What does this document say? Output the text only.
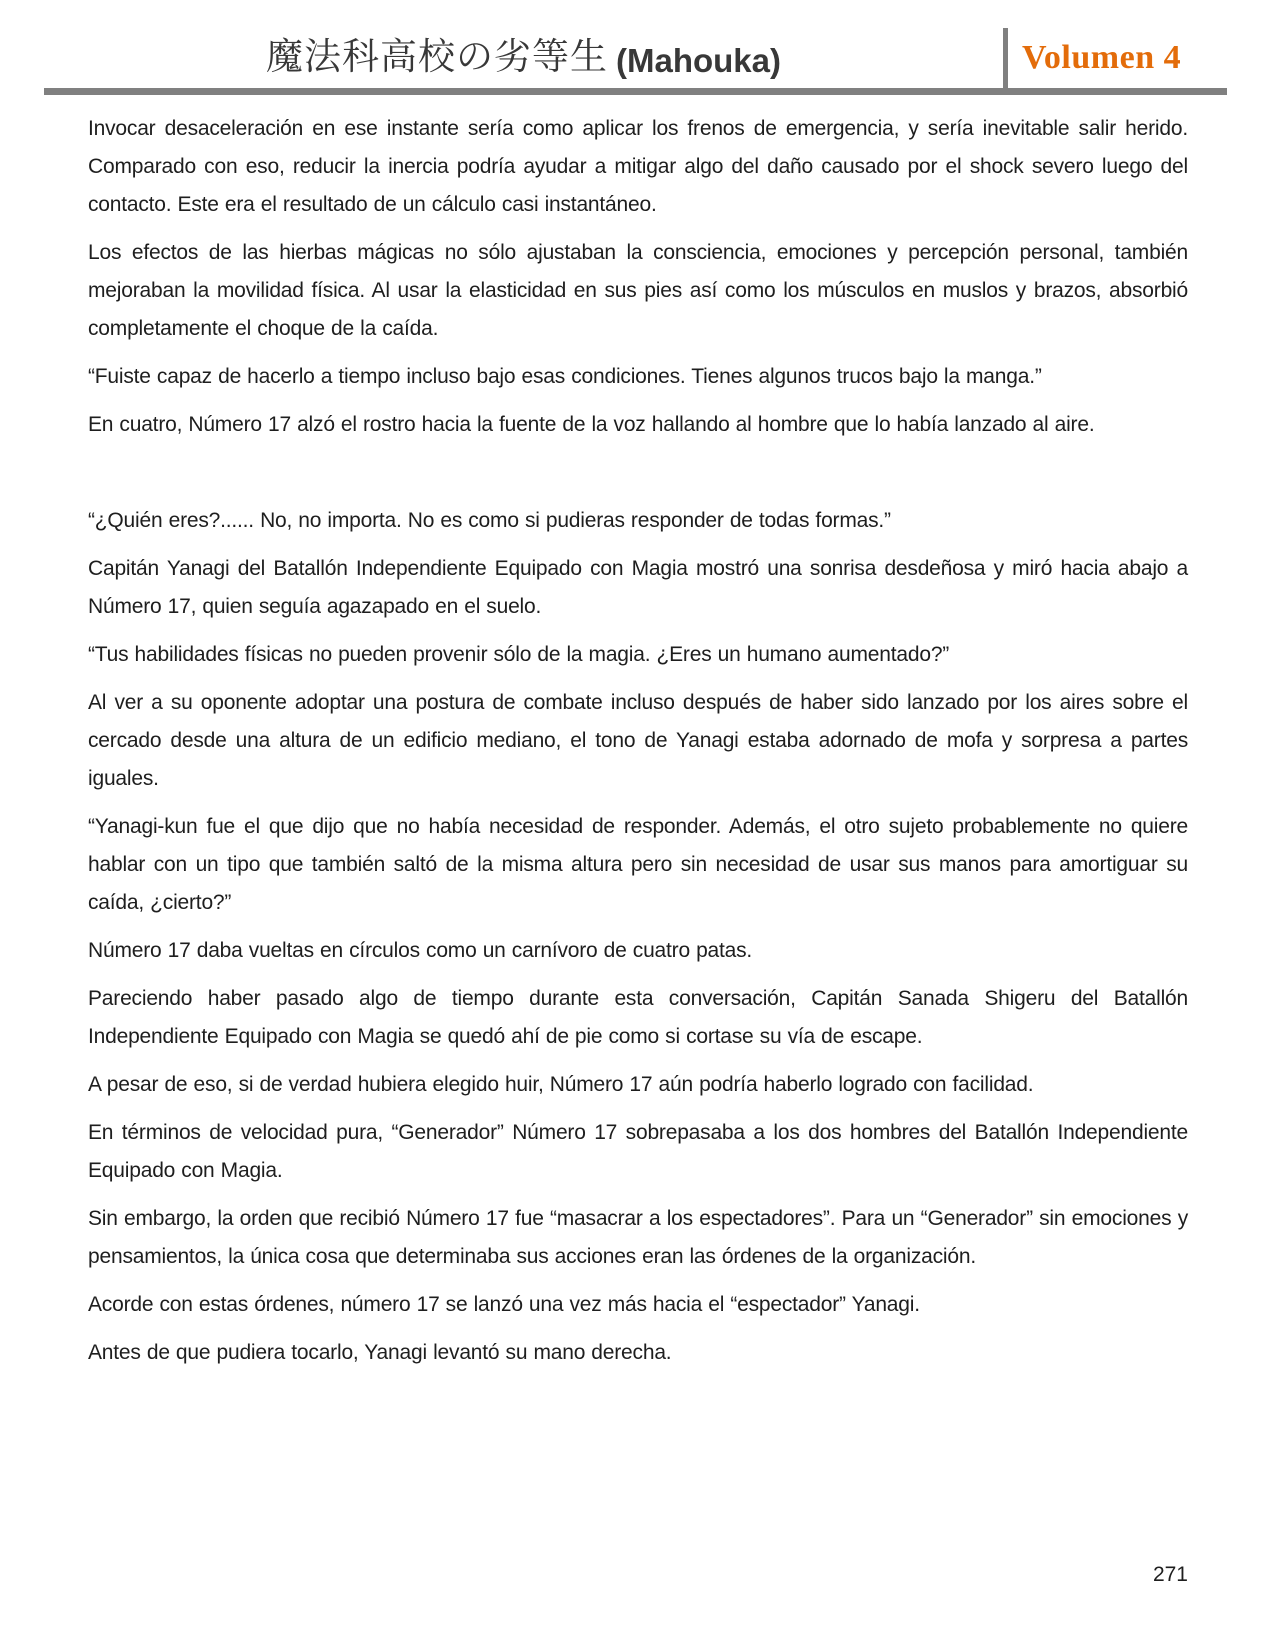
魔法科高校の劣等生 (Mahouka)	Volumen 4

Invocar desaceleración en ese instante sería como aplicar los frenos de emergencia, y sería inevitable salir herido. Comparado con eso, reducir la inercia podría ayudar a mitigar algo del daño causado por el shock severo luego del contacto. Este era el resultado de un cálculo casi instantáneo.

Los efectos de las hierbas mágicas no sólo ajustaban la consciencia, emociones y percepción personal, también mejoraban la movilidad física. Al usar la elasticidad en sus pies así como los músculos en muslos y brazos, absorbió completamente el choque de la caída.

“Fuiste capaz de hacerlo a tiempo incluso bajo esas condiciones. Tienes algunos trucos bajo la manga.”

En cuatro, Número 17 alzó el rostro hacia la fuente de la voz hallando al hombre que lo había lanzado al aire.

“¿Quién eres?...... No, no importa. No es como si pudieras responder de todas formas.”

Capitán Yanagi del Batallón Independiente Equipado con Magia mostró una sonrisa desdeñosa y miró hacia abajo a Número 17, quien seguía agazapado en el suelo.

“Tus habilidades físicas no pueden provenir sólo de la magia. ¿Eres un humano aumentado?”

Al ver a su oponente adoptar una postura de combate incluso después de haber sido lanzado por los aires sobre el cercado desde una altura de un edificio mediano, el tono de Yanagi estaba adornado de mofa y sorpresa a partes iguales.

“Yanagi-kun fue el que dijo que no había necesidad de responder. Además, el otro sujeto probablemente no quiere hablar con un tipo que también saltó de la misma altura pero sin necesidad de usar sus manos para amortiguar su caída, ¿cierto?”

Número 17 daba vueltas en círculos como un carnívoro de cuatro patas.

Pareciendo haber pasado algo de tiempo durante esta conversación, Capitán Sanada Shigeru del Batallón Independiente Equipado con Magia se quedó ahí de pie como si cortase su vía de escape.

A pesar de eso, si de verdad hubiera elegido huir, Número 17 aún podría haberlo logrado con facilidad.

En términos de velocidad pura, “Generador” Número 17 sobrepasaba a los dos hombres del Batallón Independiente Equipado con Magia.

Sin embargo, la orden que recibió Número 17 fue “masacrar a los espectadores”. Para un “Generador” sin emociones y pensamientos, la única cosa que determinaba sus acciones eran las órdenes de la organización.

Acorde con estas órdenes, número 17 se lanzó una vez más hacia el “espectador” Yanagi.

Antes de que pudiera tocarlo, Yanagi levantó su mano derecha.

271
